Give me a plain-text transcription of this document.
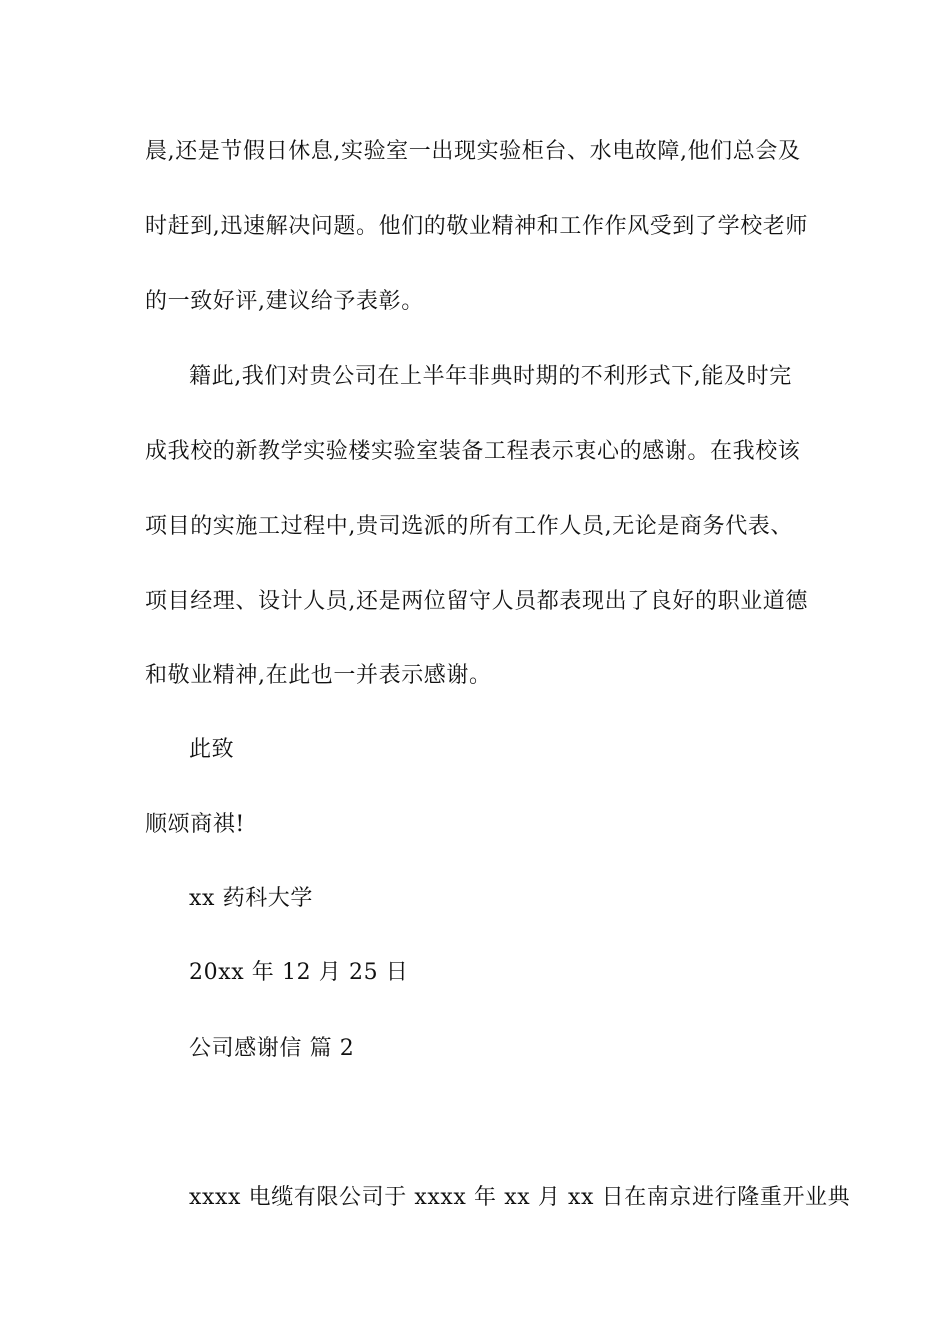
晨,还是节假日休息,实验室一出现实验柜台、水电故障,他们总会及
时赶到,迅速解决问题。他们的敬业精神和工作作风受到了学校老师
的一致好评,建议给予表彰。
籍此,我们对贵公司在上半年非典时期的不利形式下,能及时完
成我校的新教学实验楼实验室装备工程表示衷心的感谢。在我校该
项目的实施工过程中,贵司选派的所有工作人员,无论是商务代表、
项目经理、设计人员,还是两位留守人员都表现出了良好的职业道德
和敬业精神,在此也一并表示感谢。
此致
顺颂商祺!
xx 药科大学
20xx 年 12 月 25 日
公司感谢信 篇 2
xxxx 电缆有限公司于 xxxx 年 xx 月 xx 日在南京进行隆重开业典
